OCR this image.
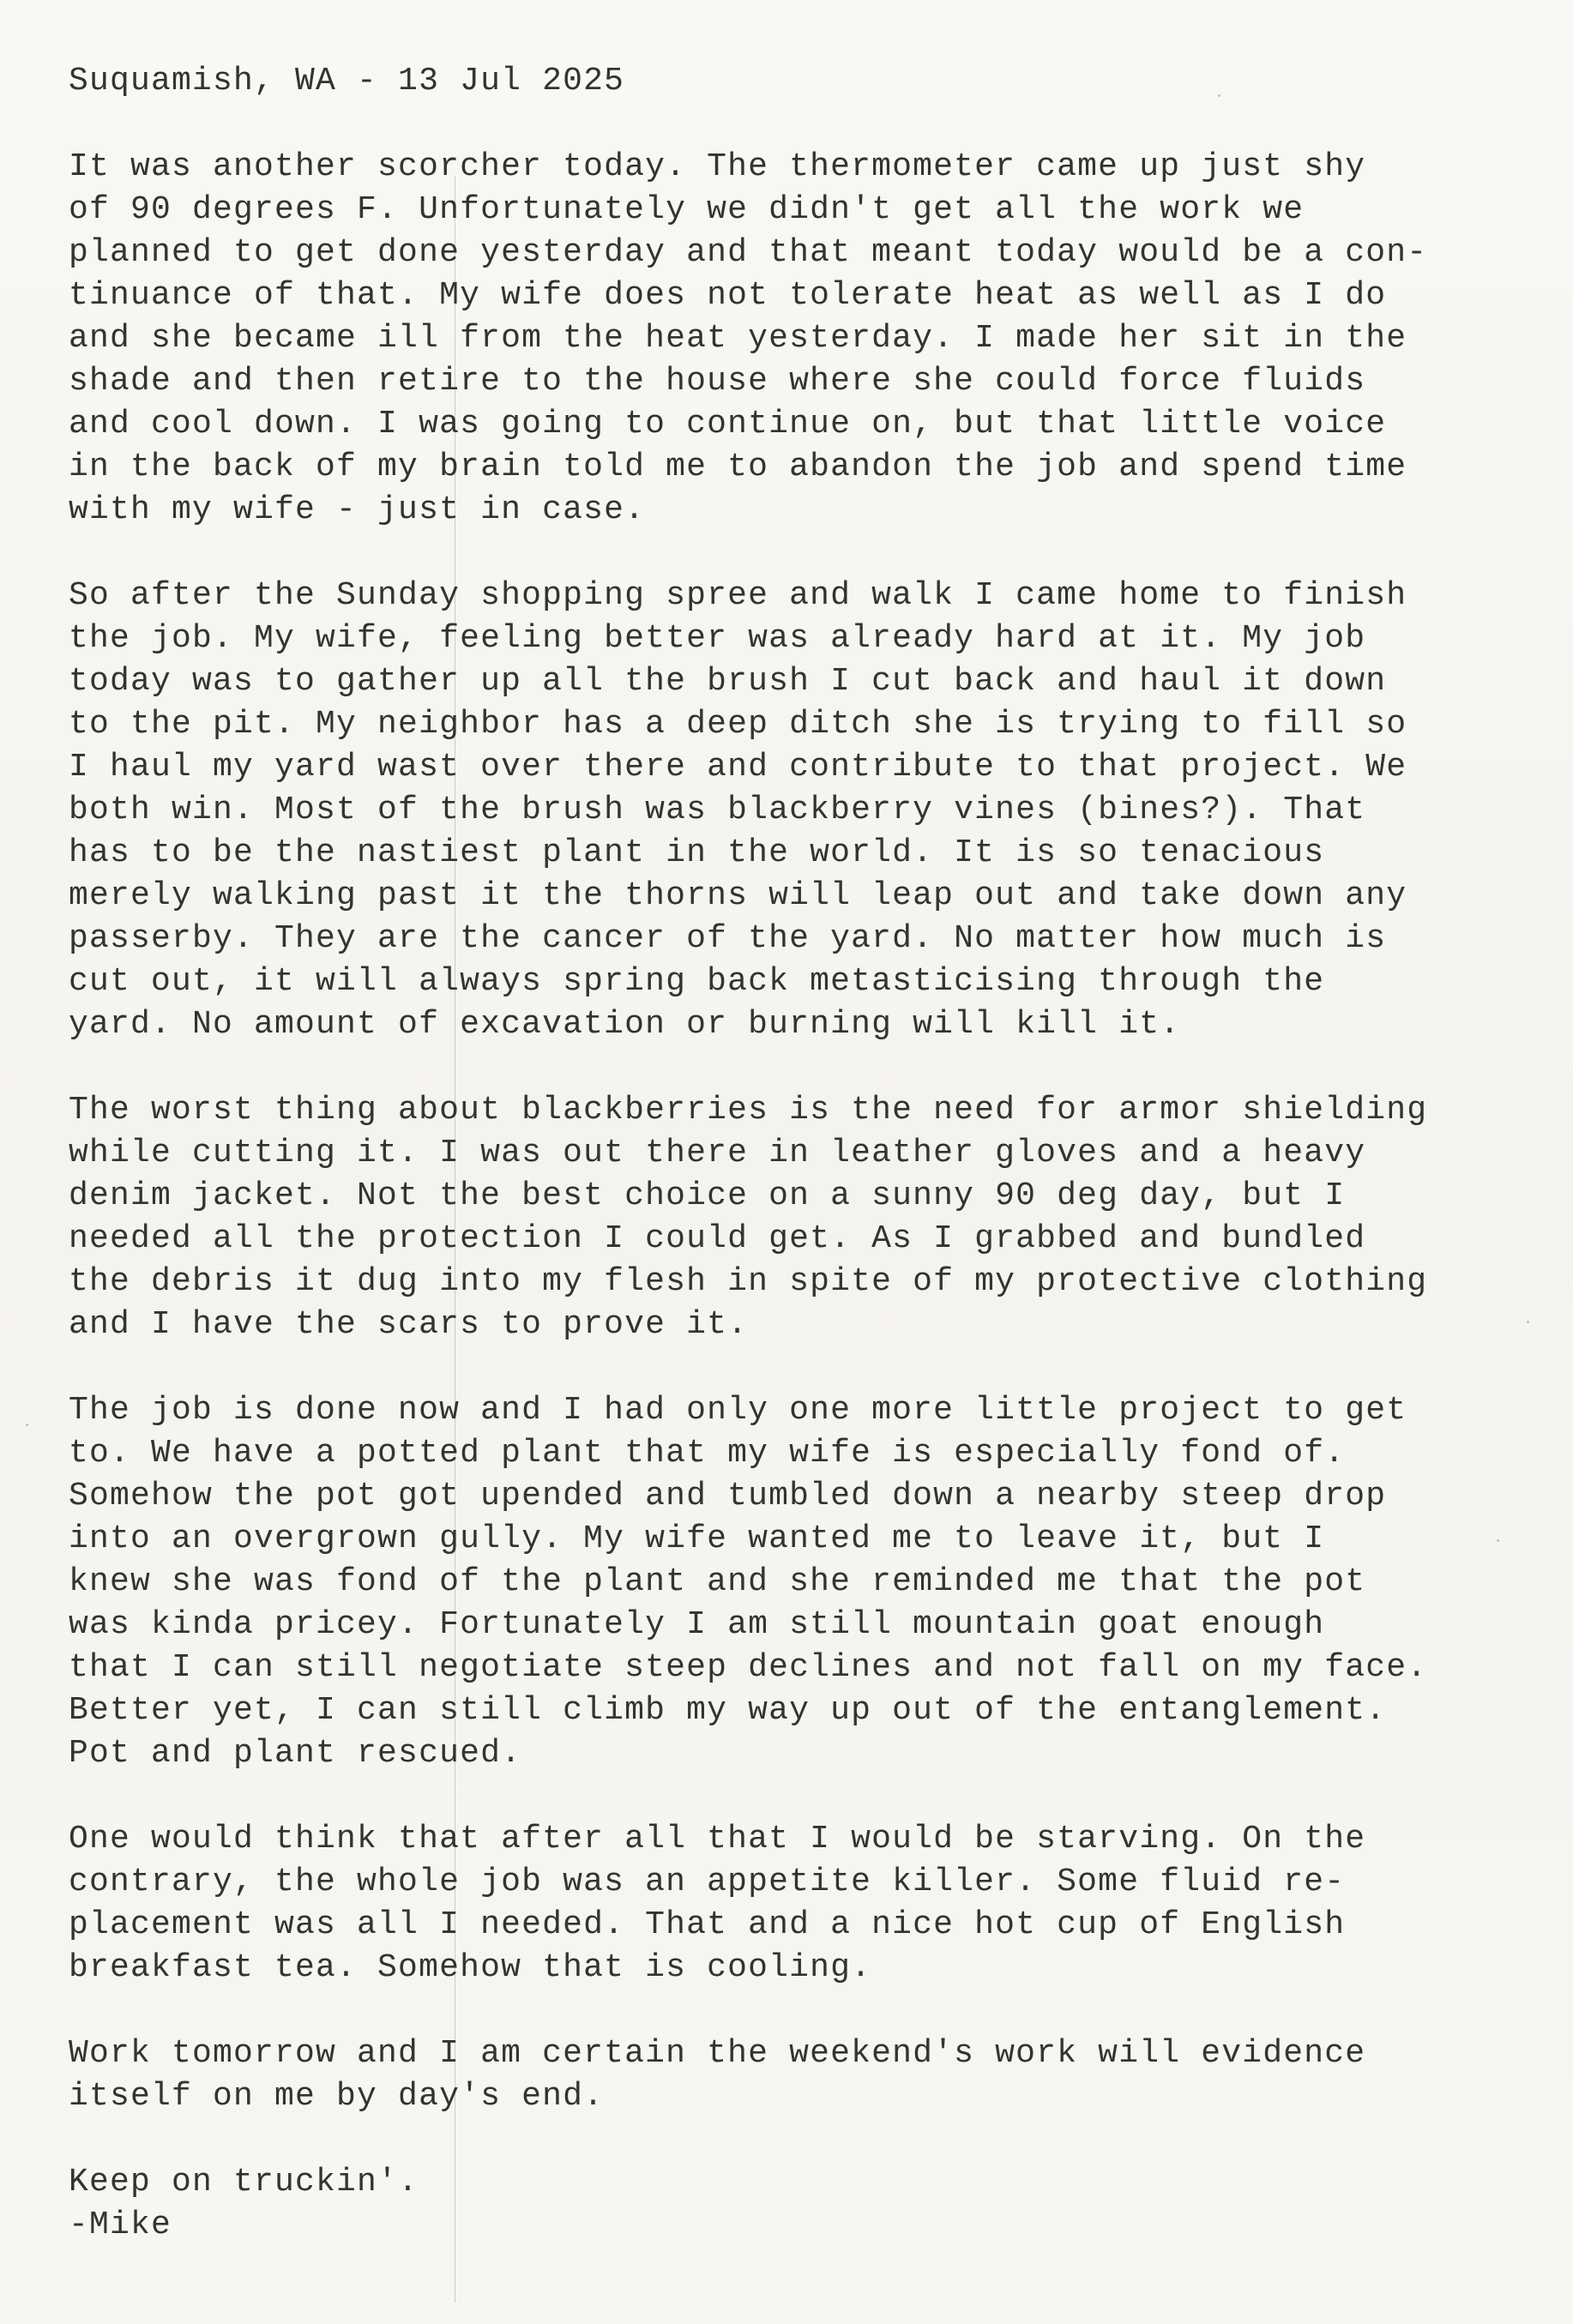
Suquamish, WA - 13 Jul 2025
It was another scorcher today. The thermometer came up just shy
of 90 degrees F. Unfortunately we didn't get all the work we
planned to get done yesterday and that meant today would be a con-
tinuance of that. My wife does not tolerate heat as well as I do
and she became ill from the heat yesterday. I made her sit in the
shade and then retire to the house where she could force fluids
and cool down. I was going to continue on, but that little voice
in the back of my brain told me to abandon the job and spend time
with my wife - just in case.
So after the Sunday shopping spree and walk I came home to finish
the job. My wife, feeling better was already hard at it. My job
today was to gather up all the brush I cut back and haul it down
to the pit. My neighbor has a deep ditch she is trying to fill so
I haul my yard wast over there and contribute to that project. We
both win. Most of the brush was blackberry vines (bines?). That
has to be the nastiest plant in the world. It is so tenacious
merely walking past it the thorns will leap out and take down any
passerby. They are the cancer of the yard. No matter how much is
cut out, it will always spring back metasticising through the
yard. No amount of excavation or burning will kill it.
The worst thing about blackberries is the need for armor shielding
while cutting it. I was out there in leather gloves and a heavy
denim jacket. Not the best choice on a sunny 90 deg day, but I
needed all the protection I could get. As I grabbed and bundled
the debris it dug into my flesh in spite of my protective clothing
and I have the scars to prove it.
The job is done now and I had only one more little project to get
to. We have a potted plant that my wife is especially fond of.
Somehow the pot got upended and tumbled down a nearby steep drop
into an overgrown gully. My wife wanted me to leave it, but I
knew she was fond of the plant and she reminded me that the pot
was kinda pricey. Fortunately I am still mountain goat enough
that I can still negotiate steep declines and not fall on my face.
Better yet, I can still climb my way up out of the entanglement.
Pot and plant rescued.
One would think that after all that I would be starving. On the
contrary, the whole job was an appetite killer. Some fluid re-
placement was all I needed. That and a nice hot cup of English
breakfast tea. Somehow that is cooling.
Work tomorrow and I am certain the weekend's work will evidence
itself on me by day's end.
Keep on truckin'.
-Mike
